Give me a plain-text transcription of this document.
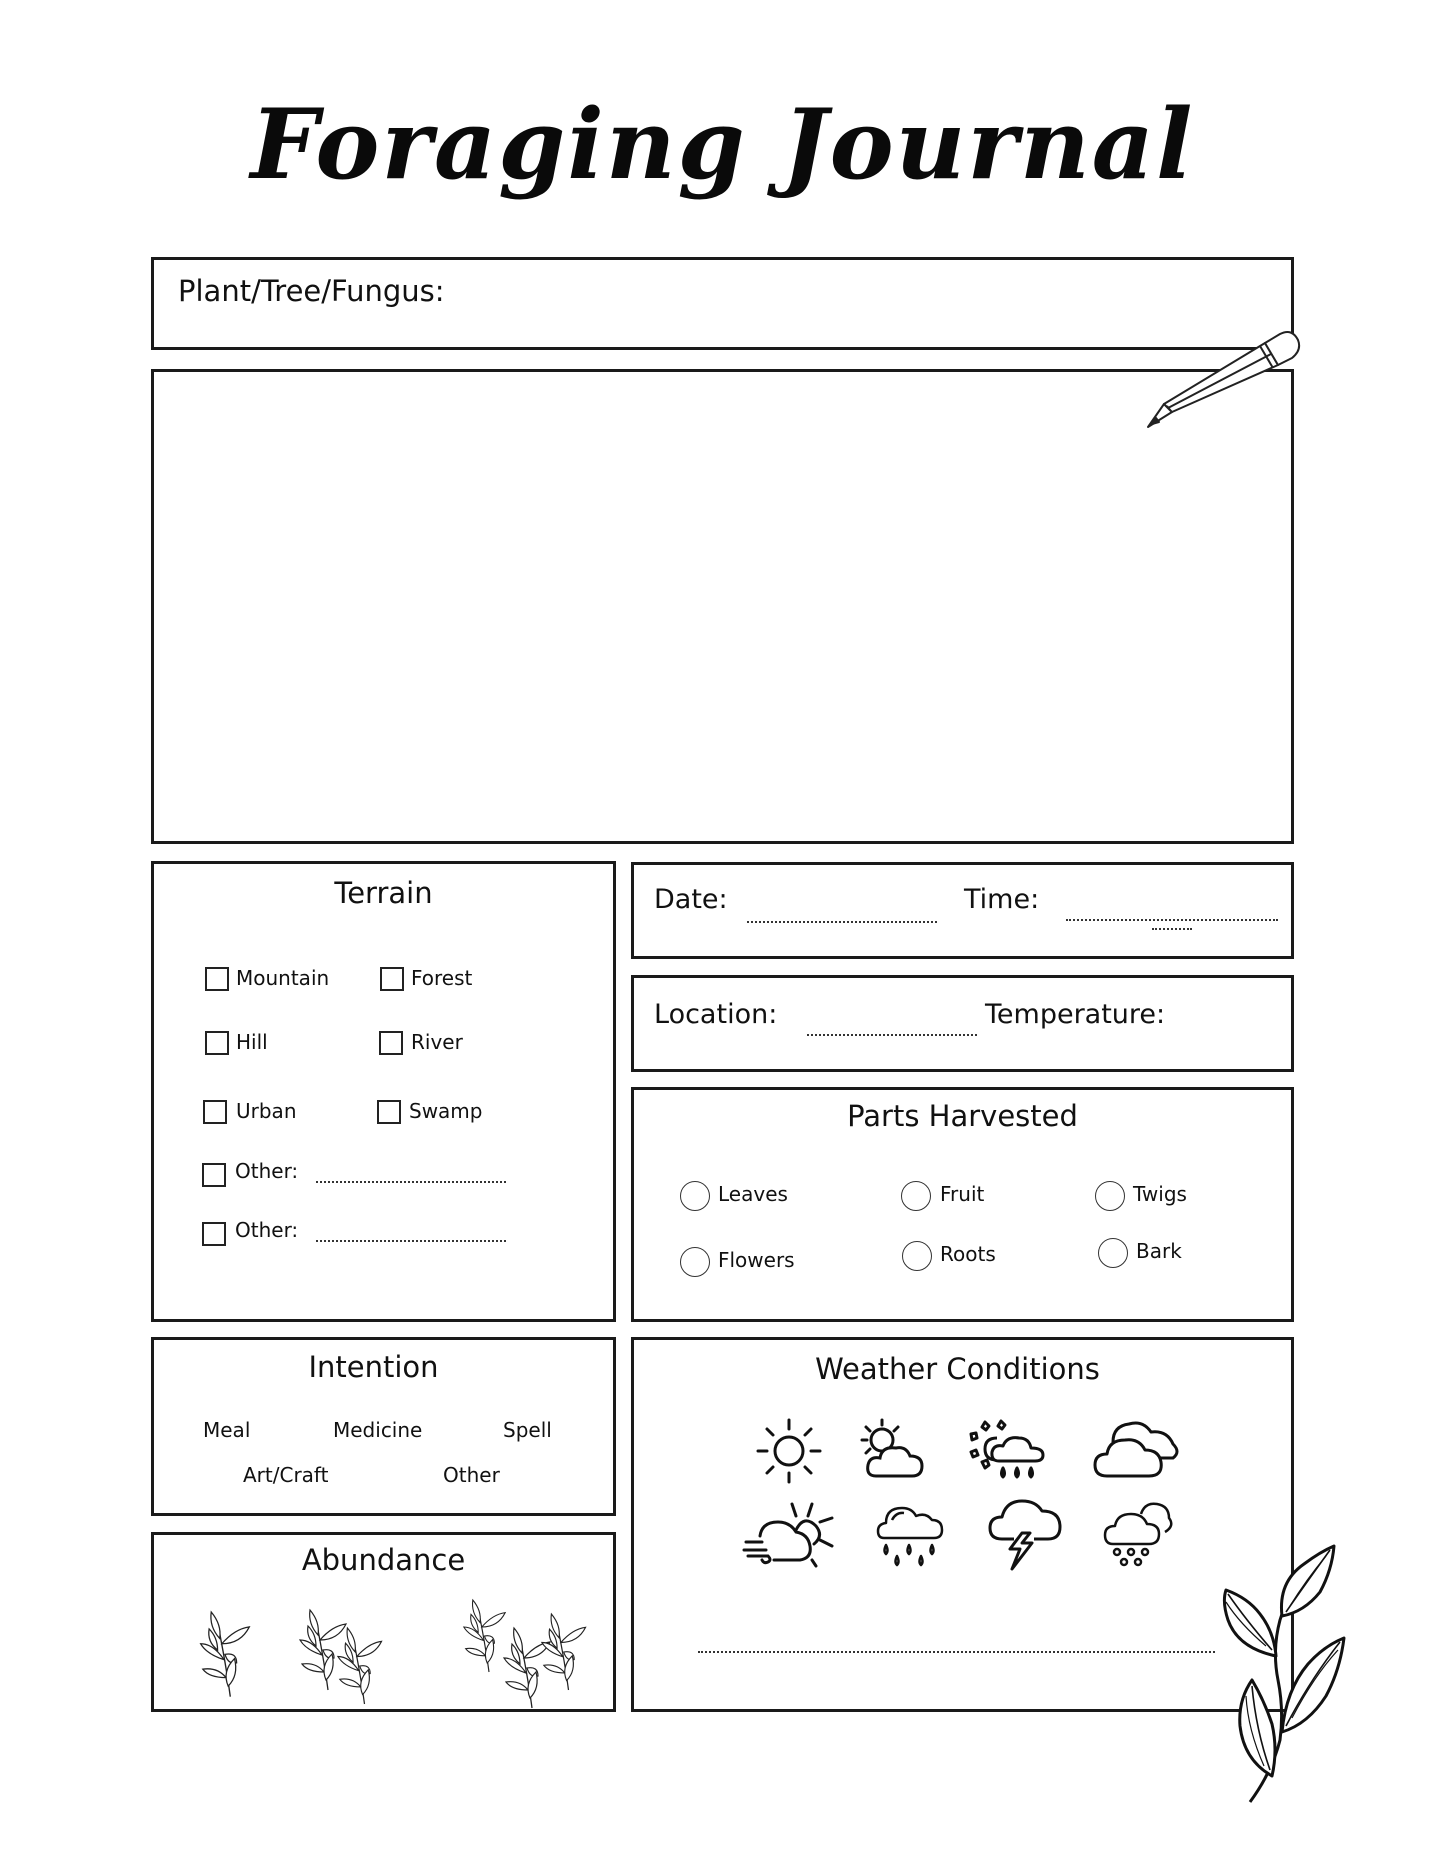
Foraging Journal
Plant/Tree/Fungus:
Terrain
Mountain	Forest
Hill	River
Urban	Swamp
Other:
Other:
Date:	Time:
Location:	Temperature:
Parts Harvested
Leaves	Fruit	Twigs
Flowers	Roots	Bark
Intention
Meal	Medicine	Spell
Art/Craft	Other
Abundance
Weather Conditions
